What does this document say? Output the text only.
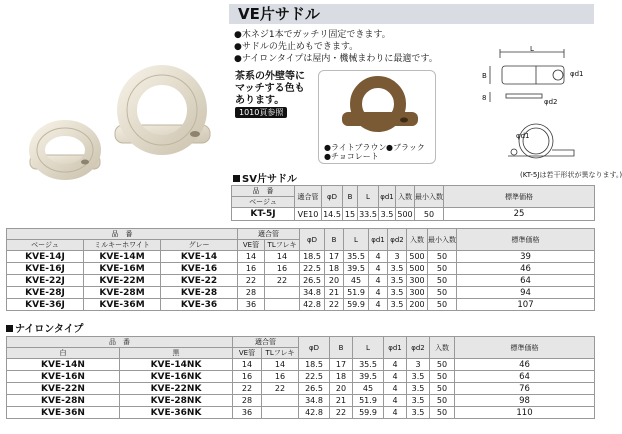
VE片サドル
●木ネジ1本でガッチリ固定できます。
●サドルの先止めもできます。
●ナイロンタイプは屋内・機械まわりに最適です。
茶系の外壁等に
マッチする色も
あります。
1010頁参照
●ライトブラウン ●ブラック
●チョコレート
L
B	φd1
8	φd2
φd1
(KT-5Jは若干形状が異なります。)
SV片サドル
品　番	適合管	φD	B	L	φd1	入数	最小入数	標準価格
ベージュ								
KT-5J	VE10	14.5	15	33.5	3.5	500	50	25
品　番			適合管		φD	B	L	φd1	φd2	入数	最小入数	標準価格
ベージュ	ミルキーホワイト	グレー	VE管	TLフレキ								
KVE-14J	KVE-14M	KVE-14	14	14	18.5	17	35.5	4	3	500	50	39
KVE-16J	KVE-16M	KVE-16	16	16	22.5	18	39.5	4	3.5	500	50	46
KVE-22J	KVE-22M	KVE-22	22	22	26.5	20	45	4	3.5	300	50	64
KVE-28J	KVE-28M	KVE-28	28		34.8	21	51.9	4	3.5	300	50	94
KVE-36J	KVE-36M	KVE-36	36		42.8	22	59.9	4	3.5	200	50	107
ナイロンタイプ
品　番		適合管		φD	B	L	φd1	φd2	入数	標準価格
白	黒	VE管	TLフレキ							
KVE-14N	KVE-14NK	14	14	18.5	17	35.5	4	3	50	46
KVE-16N	KVE-16NK	16	16	22.5	18	39.5	4	3.5	50	64
KVE-22N	KVE-22NK	22	22	26.5	20	45	4	3.5	50	76
KVE-28N	KVE-28NK	28		34.8	21	51.9	4	3.5	50	98
KVE-36N	KVE-36NK	36		42.8	22	59.9	4	3.5	50	110
